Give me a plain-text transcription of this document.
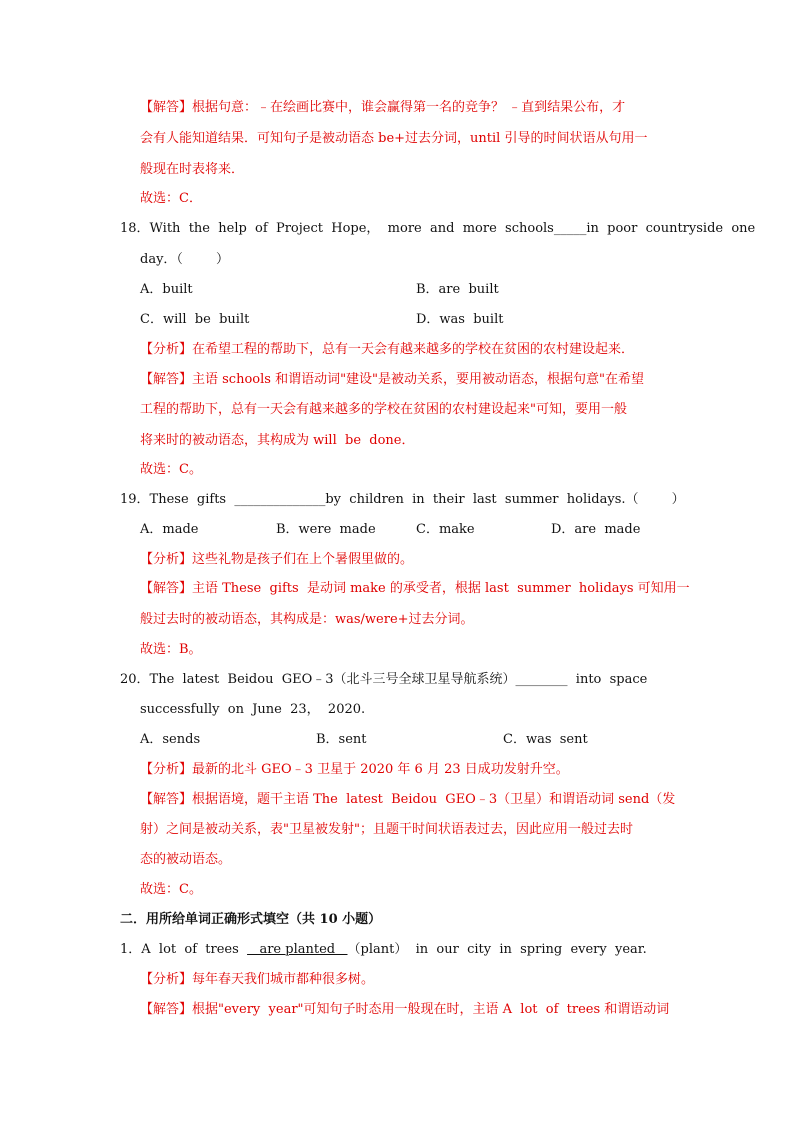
【解答】根据句意：﹣在绘画比赛中，谁会赢得第一名的竞争？ ﹣直到结果公布，才
会有人能知道结果．可知句子是被动语态 be+过去分词，until 引导的时间状语从句用一
般现在时表将来．
故选：C．
18．With  the  help  of  Project  Hope，  more  and  more  schools_____in  poor  countryside  one
day．（        ）
A．built	B．are  built
C．will  be  built	D．was  built
【分析】在希望工程的帮助下，总有一天会有越来越多的学校在贫困的农村建设起来．
【解答】主语 schools 和谓语动词"建设"是被动关系，要用被动语态，根据句意"在希望
工程的帮助下，总有一天会有越来越多的学校在贫困的农村建设起来"可知，要用一般
将来时的被动语态，其构成为 will  be  done．
故选：C。
19．These  gifts  ______________by  children  in  their  last  summer  holidays.（        ）
A．made	B．were  made	C．make	D．are  made
【分析】这些礼物是孩子们在上个暑假里做的。
【解答】主语 These  gifts  是动词 make 的承受者，根据 last  summer  holidays 可知用一
般过去时的被动语态，其构成是：was/were+过去分词。
故选：B。
20．The  latest  Beidou  GEO﹣3（北斗三号全球卫星导航系统）________  into  space
successfully  on  June  23，  2020.
A．sends	B．sent	C．was  sent
【分析】最新的北斗 GEO﹣3 卫星于 2020 年 6 月 23 日成功发射升空。
【解答】根据语境，题干主语 The  latest  Beidou  GEO﹣3（卫星）和谓语动词 send（发
射）之间是被动关系，表"卫星被发射"；且题干时间状语表过去，因此应用一般过去时
态的被动语态。
故选：C。
二．用所给单词正确形式填空（共 10 小题）
1．A  lot  of  trees     are planted   （plant）  in  our  city  in  spring  every  year.
【分析】每年春天我们城市都种很多树。
【解答】根据"every  year"可知句子时态用一般现在时，主语 A  lot  of  trees 和谓语动词
